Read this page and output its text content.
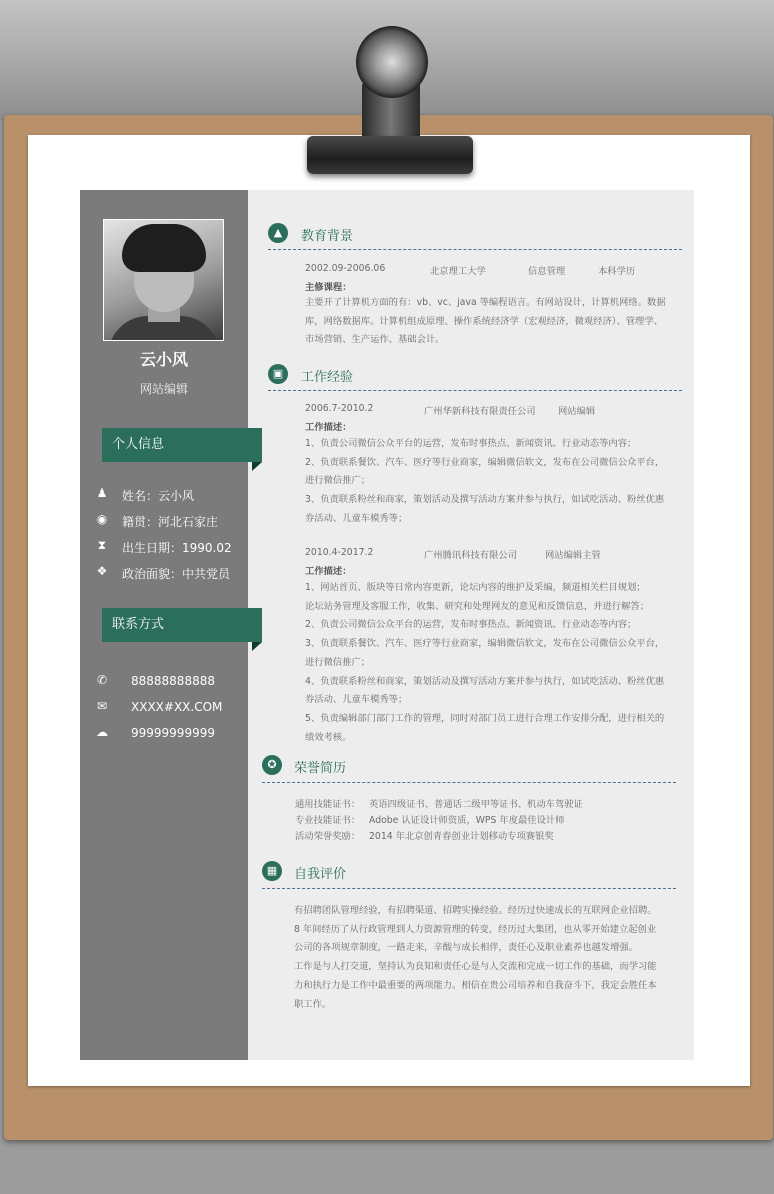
云小风
网站编辑
个人信息
♟ 姓名：云小风
◉ 籍贯：河北石家庄
⧗	出生日期：1990.02
❖ 政治面貌：中共党员
联系方式
✆ 88888888888
✉ XXXX#XX.COM
☁ 99999999999
▲	教育背景
2002.09-2006.06	北京理工大学	信息管理	本科学历
主修课程：
主要开了计算机方面的有：vb、vc、java 等编程语言。有网站设计，计算机网络。数据
库，网络数据库。计算机组成原理、操作系统经济学（宏观经济，微观经济）、管理学、
市场营销、生产运作、基础会计。
▣	工作经验
2006.7-2010.2	广州华新科技有限责任公司 网站编辑
工作描述：
1、负责公司微信公众平台的运营，发布时事热点、新闻资讯、行业动态等内容；
2、负责联系餐饮、汽车、医疗等行业商家，编辑微信软文，发布在公司微信公众平台，
进行微信推广；
3、负责联系粉丝和商家，策划活动及撰写活动方案并参与执行，如试吃活动、粉丝优惠
券活动、儿童车模秀等；
2010.4-2017.2	广州腾讯科技有限公司	网站编辑主管
工作描述：
1、网站首页、版块等日常内容更新，论坛内容的维护及采编，频道相关栏目规划；
论坛站务管理及客服工作，收集、研究和处理网友的意见和反馈信息，并进行解答；
2、负责公司微信公众平台的运营，发布时事热点、新闻资讯、行业动态等内容；
3、负责联系餐饮、汽车、医疗等行业商家，编辑微信软文，发布在公司微信公众平台，
进行微信推广；
4、负责联系粉丝和商家，策划活动及撰写活动方案并参与执行，如试吃活动、粉丝优惠
券活动、儿童车模秀等；
5、负责编辑部门部门工作的管理，同时对部门员工进行合理工作安排分配，进行相关的
绩效考核。
✪	荣誉简历
通用技能证书： 英语四级证书、普通话二级甲等证书、机动车驾驶证
专业技能证书： Adobe 认证设计师资质，WPS 年度最佳设计师
活动荣誉奖励： 2014 年北京创青春创业计划移动专项赛银奖
▦	自我评价
有招聘团队管理经验，有招聘渠道、招聘实操经验。经历过快速成长的互联网企业招聘。
8 年间经历了从行政管理到人力资源管理的转变，经历过大集团，也从零开始建立起创业
公司的各项规章制度，一路走来，辛酸与成长相伴，责任心及职业素养也越发增强。
工作是与人打交道，坚持认为良知和责任心是与人交流和完成一切工作的基础，而学习能
力和执行力是工作中最重要的两项能力。相信在贵公司培养和自我奋斗下，我定会胜任本
职工作。
